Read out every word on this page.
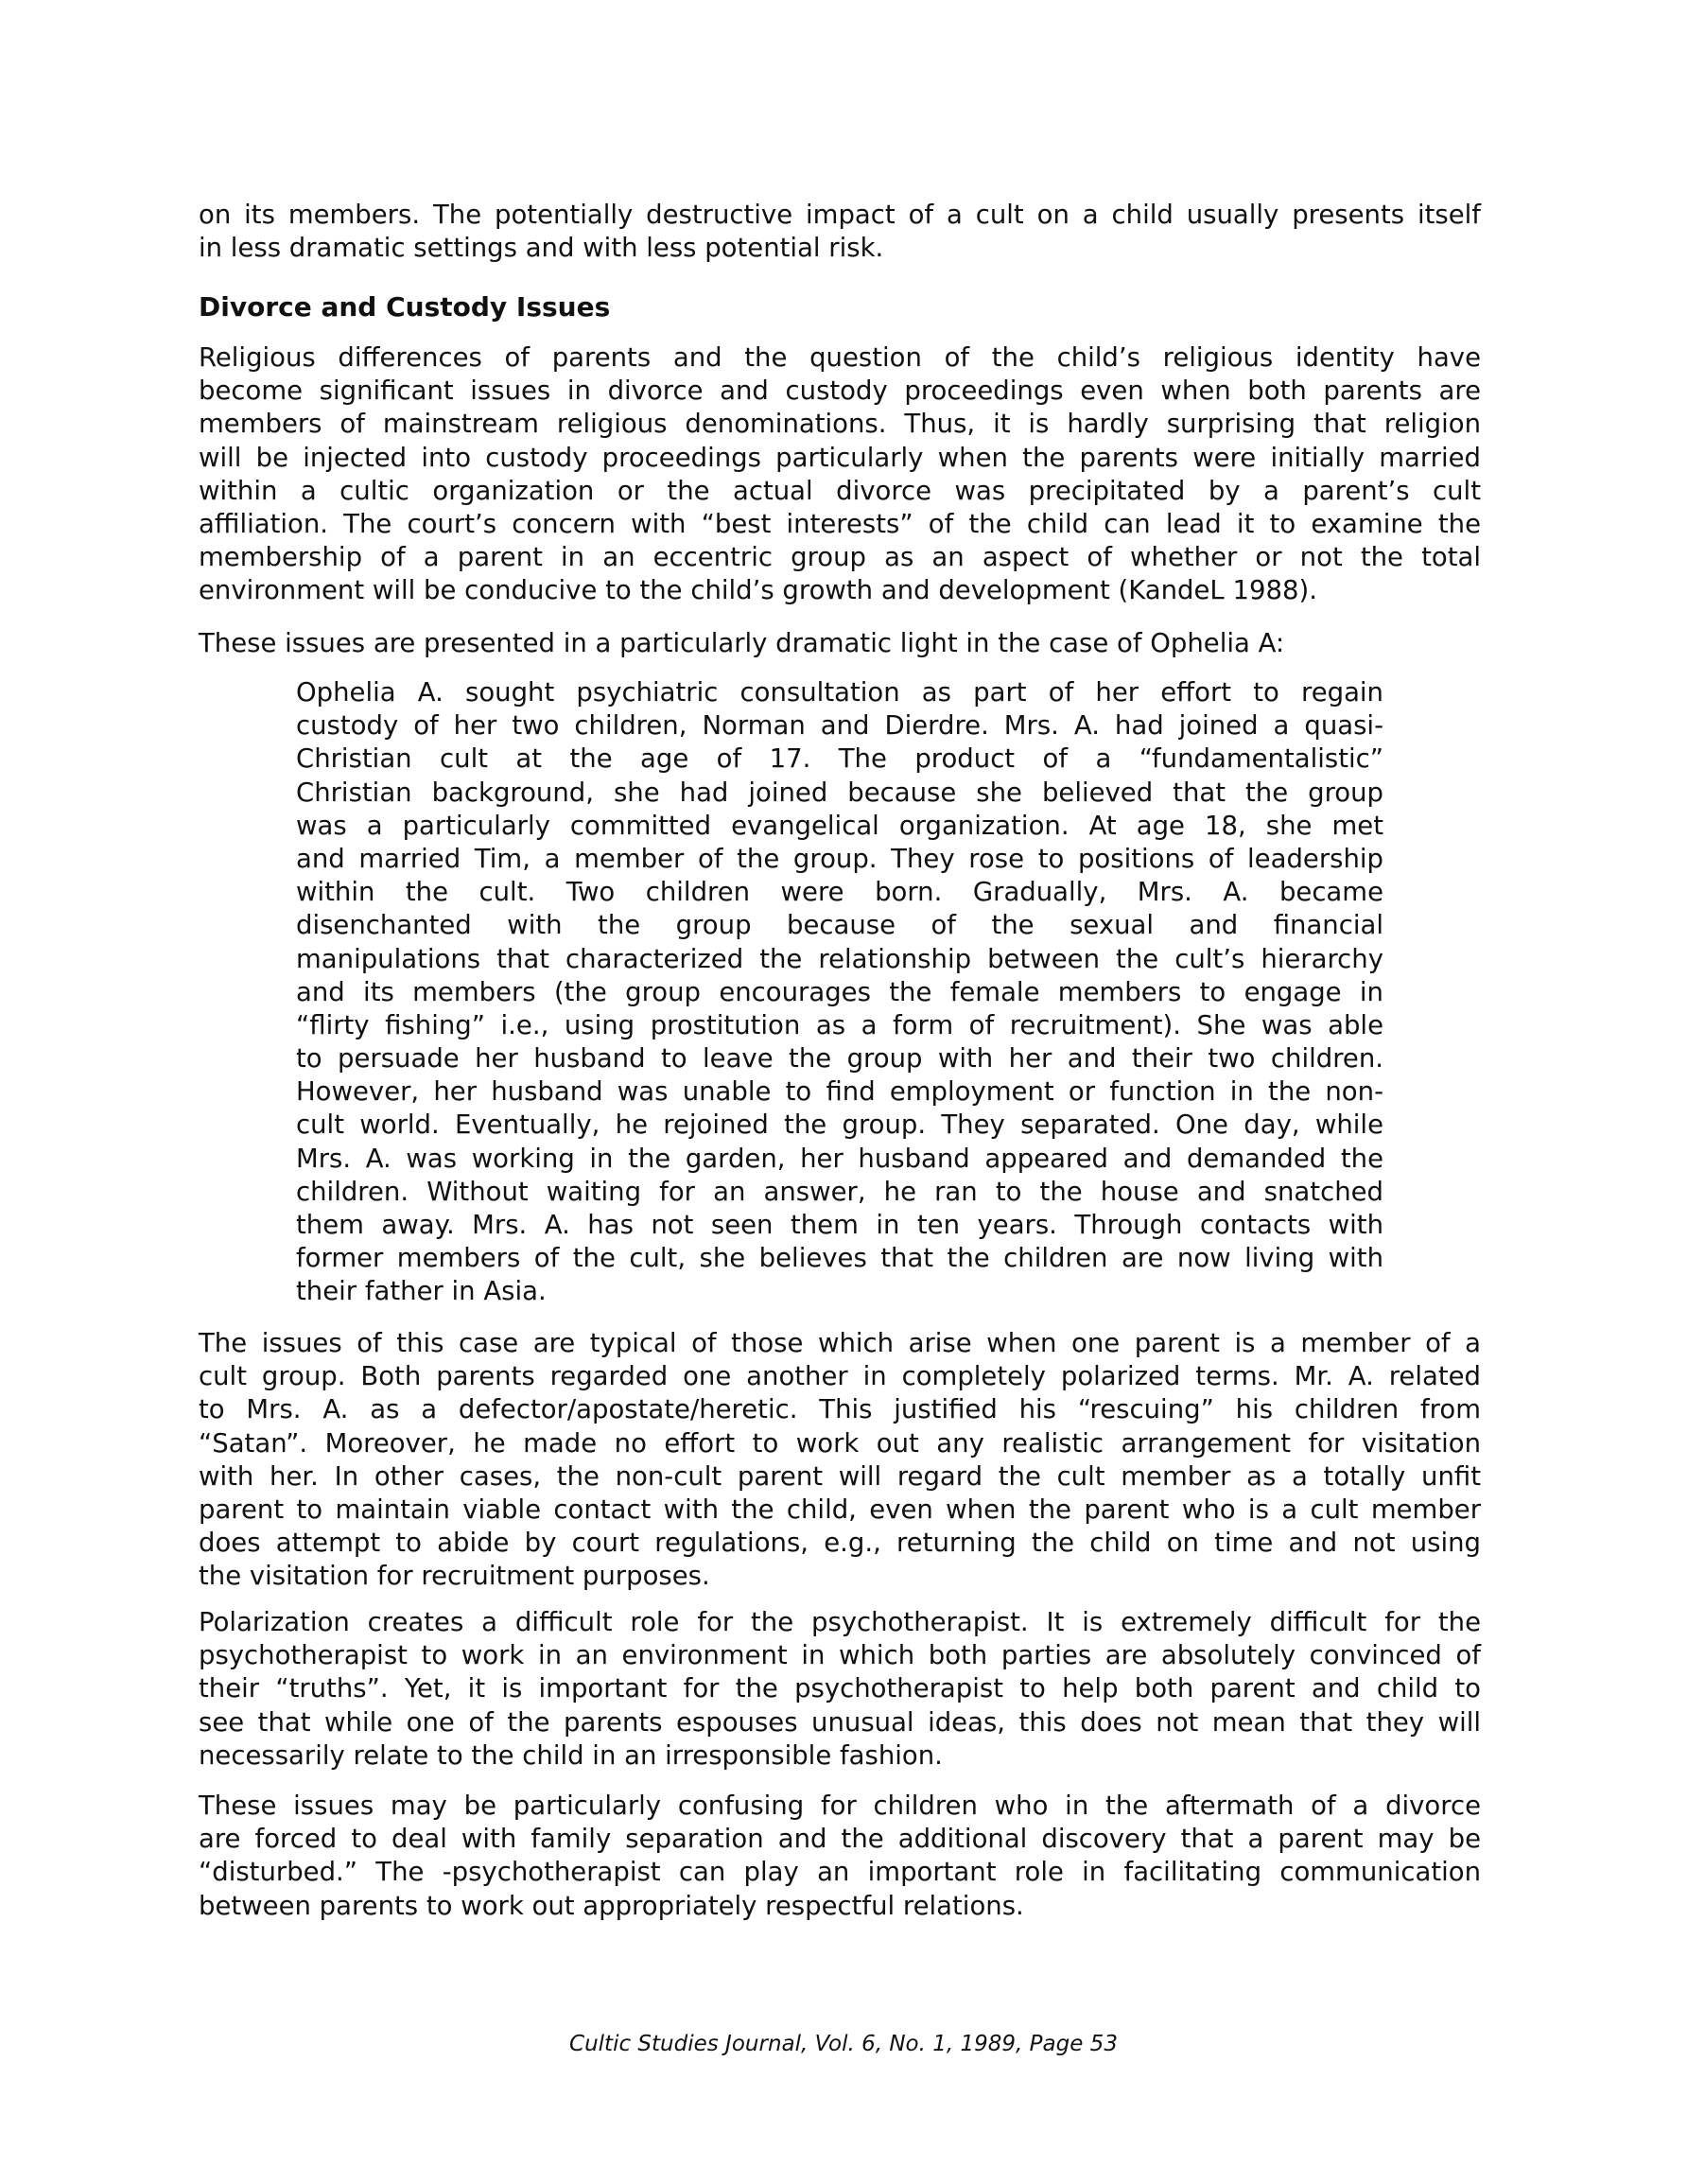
on its members. The potentially destructive impact of a cult on a child usually presents itself
in less dramatic settings and with less potential risk.
Divorce and Custody Issues
Religious differences of parents and the question of the child’s religious identity have
become significant issues in divorce and custody proceedings even when both parents are
members of mainstream religious denominations. Thus, it is hardly surprising that religion
will be injected into custody proceedings particularly when the parents were initially married
within a cultic organization or the actual divorce was precipitated by a parent’s cult
affiliation. The court’s concern with “best interests” of the child can lead it to examine the
membership of a parent in an eccentric group as an aspect of whether or not the total
environment will be conducive to the child’s growth and development (KandeL 1988).
These issues are presented in a particularly dramatic light in the case of Ophelia A:
Ophelia A. sought psychiatric consultation as part of her effort to regain
custody of her two children, Norman and Dierdre. Mrs. A. had joined a quasi-
Christian cult at the age of 17. The product of a “fundamentalistic”
Christian background, she had joined because she believed that the group
was a particularly committed evangelical organization. At age 18, she met
and married Tim, a member of the group. They rose to positions of leadership
within the cult. Two children were born. Gradually, Mrs. A. became
disenchanted with the group because of the sexual and financial
manipulations that characterized the relationship between the cult’s hierarchy
and its members (the group encourages the female members to engage in
“flirty fishing” i.e., using prostitution as a form of recruitment). She was able
to persuade her husband to leave the group with her and their two children.
However, her husband was unable to find employment or function in the non-
cult world. Eventually, he rejoined the group. They separated. One day, while
Mrs. A. was working in the garden, her husband appeared and demanded the
children. Without waiting for an answer, he ran to the house and snatched
them away. Mrs. A. has not seen them in ten years. Through contacts with
former members of the cult, she believes that the children are now living with
their father in Asia.
The issues of this case are typical of those which arise when one parent is a member of a
cult group. Both parents regarded one another in completely polarized terms. Mr. A. related
to Mrs. A. as a defector/apostate/heretic. This justified his “rescuing” his children from
“Satan”. Moreover, he made no effort to work out any realistic arrangement for visitation
with her. In other cases, the non-cult parent will regard the cult member as a totally unfit
parent to maintain viable contact with the child, even when the parent who is a cult member
does attempt to abide by court regulations, e.g., returning the child on time and not using
the visitation for recruitment purposes.
Polarization creates a difficult role for the psychotherapist. It is extremely difficult for the
psychotherapist to work in an environment in which both parties are absolutely convinced of
their “truths”. Yet, it is important for the psychotherapist to help both parent and child to
see that while one of the parents espouses unusual ideas, this does not mean that they will
necessarily relate to the child in an irresponsible fashion.
These issues may be particularly confusing for children who in the aftermath of a divorce
are forced to deal with family separation and the additional discovery that a parent may be
“disturbed.” The -psychotherapist can play an important role in facilitating communication
between parents to work out appropriately respectful relations.
Cultic Studies Journal, Vol. 6, No. 1, 1989, Page 53
